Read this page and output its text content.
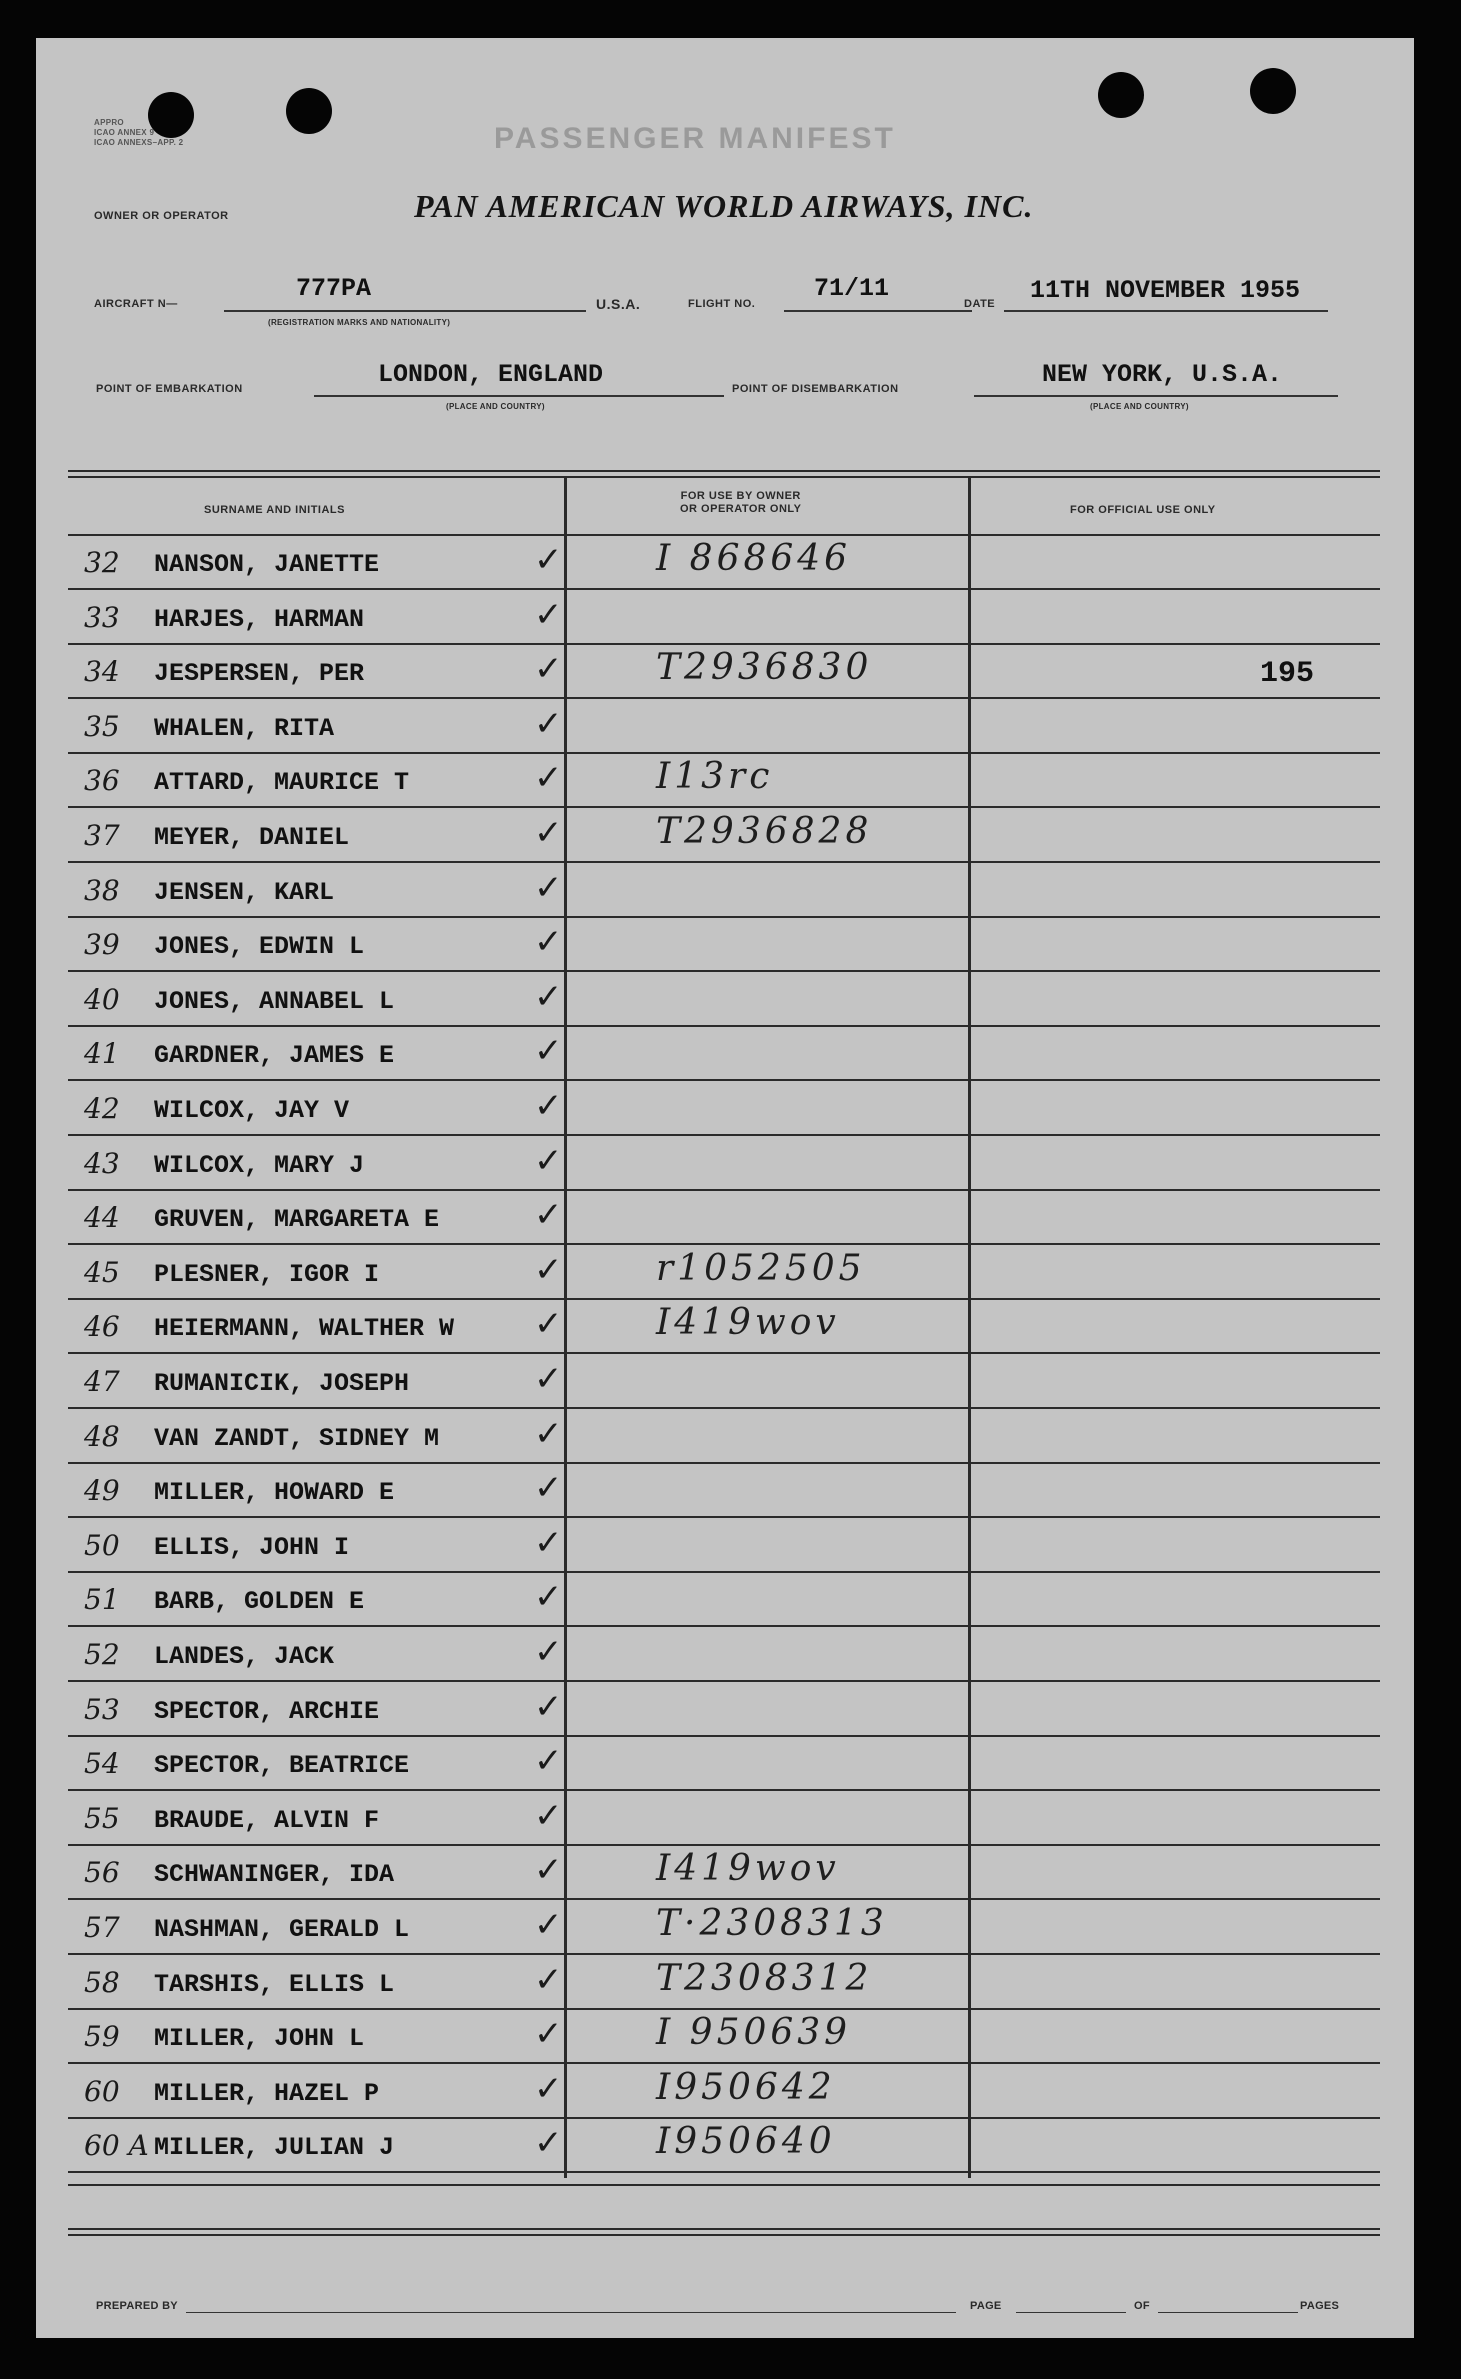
APPRO
ICAO ANNEX 9
ICAO ANNEXS–APP. 2	PASSENGER MANIFEST
OWNER OR OPERATOR	PAN AMERICAN WORLD AIRWAYS, INC.
AIRCRAFT N—
777PA
(REGISTRATION MARKS AND NATIONALITY)
U.S.A.	FLIGHT NO.
71/11
DATE 11TH NOVEMBER 1955
POINT OF EMBARKATION	LONDON, ENGLAND
(PLACE AND COUNTRY)
POINT OF DISEMBARKATION	NEW YORK, U.S.A.
(PLACE AND COUNTRY)
SURNAME AND INITIALS
FOR USE BY OWNER
OR OPERATOR ONLY	FOR OFFICIAL USE ONLY
32 NANSON, JANETTE	✓	I 868646
33 HARJES, HARMAN	✓
34 JESPERSEN, PER	✓	T2936830	195
35 WHALEN, RITA	✓
36 ATTARD, MAURICE T	✓	I13rc
37 MEYER, DANIEL	✓	T2936828
38 JENSEN, KARL	✓
39 JONES, EDWIN L	✓
40 JONES, ANNABEL L	✓
41 GARDNER, JAMES E	✓
42 WILCOX, JAY V	✓
43 WILCOX, MARY J	✓
44 GRUVEN, MARGARETA E	✓
45 PLESNER, IGOR I	✓	r1052505
46 HEIERMANN, WALTHER W ✓	I419wov
47 RUMANICIK, JOSEPH	✓
48 VAN ZANDT, SIDNEY M	✓
49 MILLER, HOWARD E	✓
50 ELLIS, JOHN I	✓
51 BARB, GOLDEN E	✓
52 LANDES, JACK	✓
53 SPECTOR, ARCHIE	✓
54 SPECTOR, BEATRICE	✓
55 BRAUDE, ALVIN F	✓
56 SCHWANINGER, IDA	✓	I419wov
57 NASHMAN, GERALD L	✓	T·2308313
58 TARSHIS, ELLIS L	✓	T2308312
59 MILLER, JOHN L	✓	I 950639
60 MILLER, HAZEL P	✓	I950642
60 A MILLER, JULIAN J	✓	I950640
PREPARED BY	PAGE	OF	PAGES
